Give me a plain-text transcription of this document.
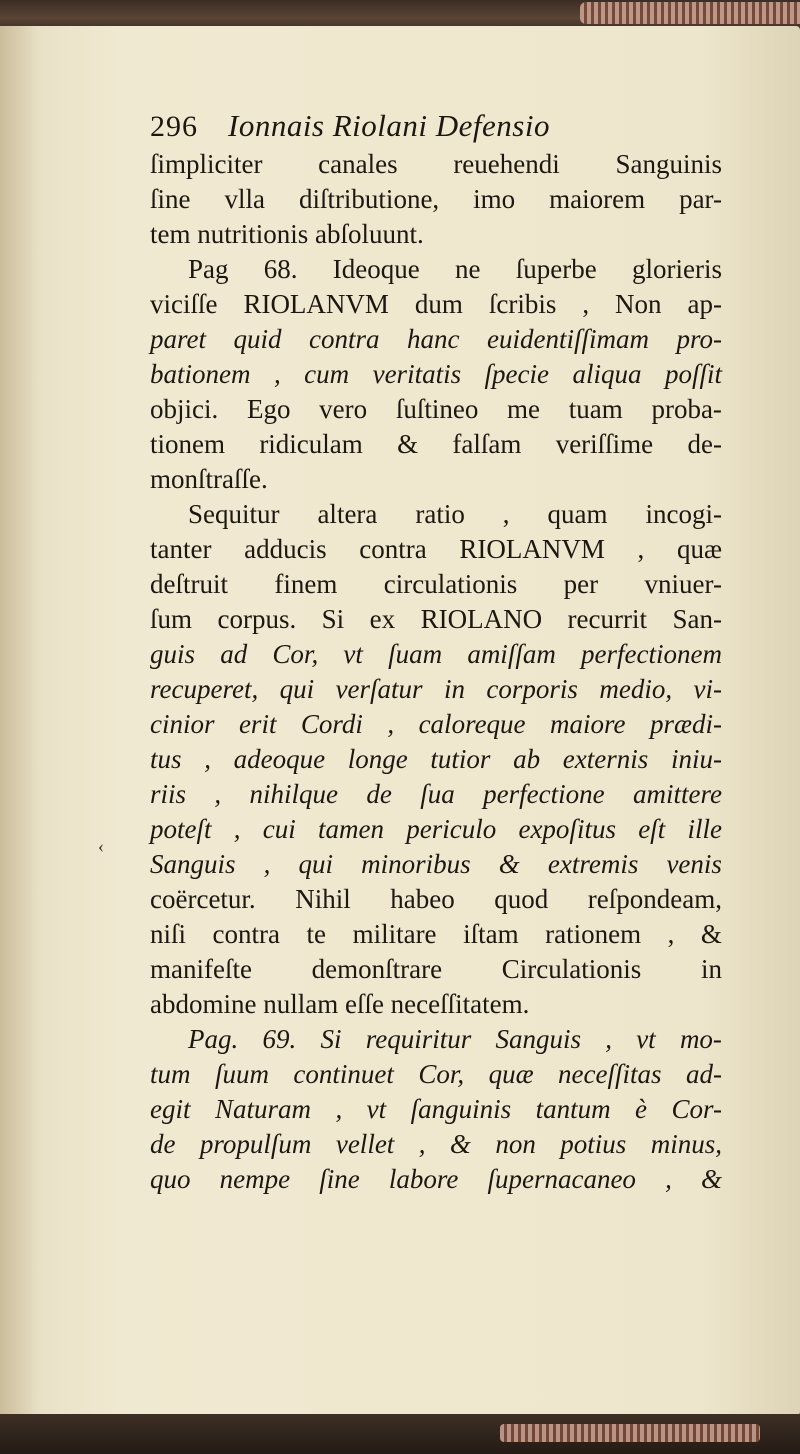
‹
296 Ionnais Riolani Defensio
ſimpliciter canales reuehendi Sanguinis
ſine vlla diſtributione, imo maiorem par-
tem nutritionis abſoluunt.
Pag 68. Ideoque ne ſuperbe glorieris
viciſſe RIOLANVM dum ſcribis , Non ap-
paret quid contra hanc euidentiſſimam pro-
bationem , cum veritatis ſpecie aliqua poſſit
objici. Ego vero ſuſtineo me tuam proba-
tionem ridiculam & falſam veriſſime de-
monſtraſſe.
Sequitur altera ratio , quam incogi-
tanter adducis contra RIOLANVM , quæ
deſtruit finem circulationis per vniuer-
ſum corpus. Si ex RIOLANO recurrit San-
guis ad Cor, vt ſuam amiſſam perfectionem
recuperet, qui verſatur in corporis medio, vi-
cinior erit Cordi , caloreque maiore prædi-
tus , adeoque longe tutior ab externis iniu-
riis , nihilque de ſua perfectione amittere
poteſt , cui tamen periculo expoſitus eſt ille
Sanguis , qui minoribus & extremis venis
coërcetur. Nihil habeo quod reſpondeam,
niſi contra te militare iſtam rationem , &
manifeſte demonſtrare Circulationis in
abdomine nullam eſſe neceſſitatem.
Pag. 69. Si requiritur Sanguis , vt mo-
tum ſuum continuet Cor, quæ neceſſitas ad-
egit Naturam , vt ſanguinis tantum è Cor-
de propulſum vellet , & non potius minus,
quo nempe ſine labore ſupernacaneo , &
